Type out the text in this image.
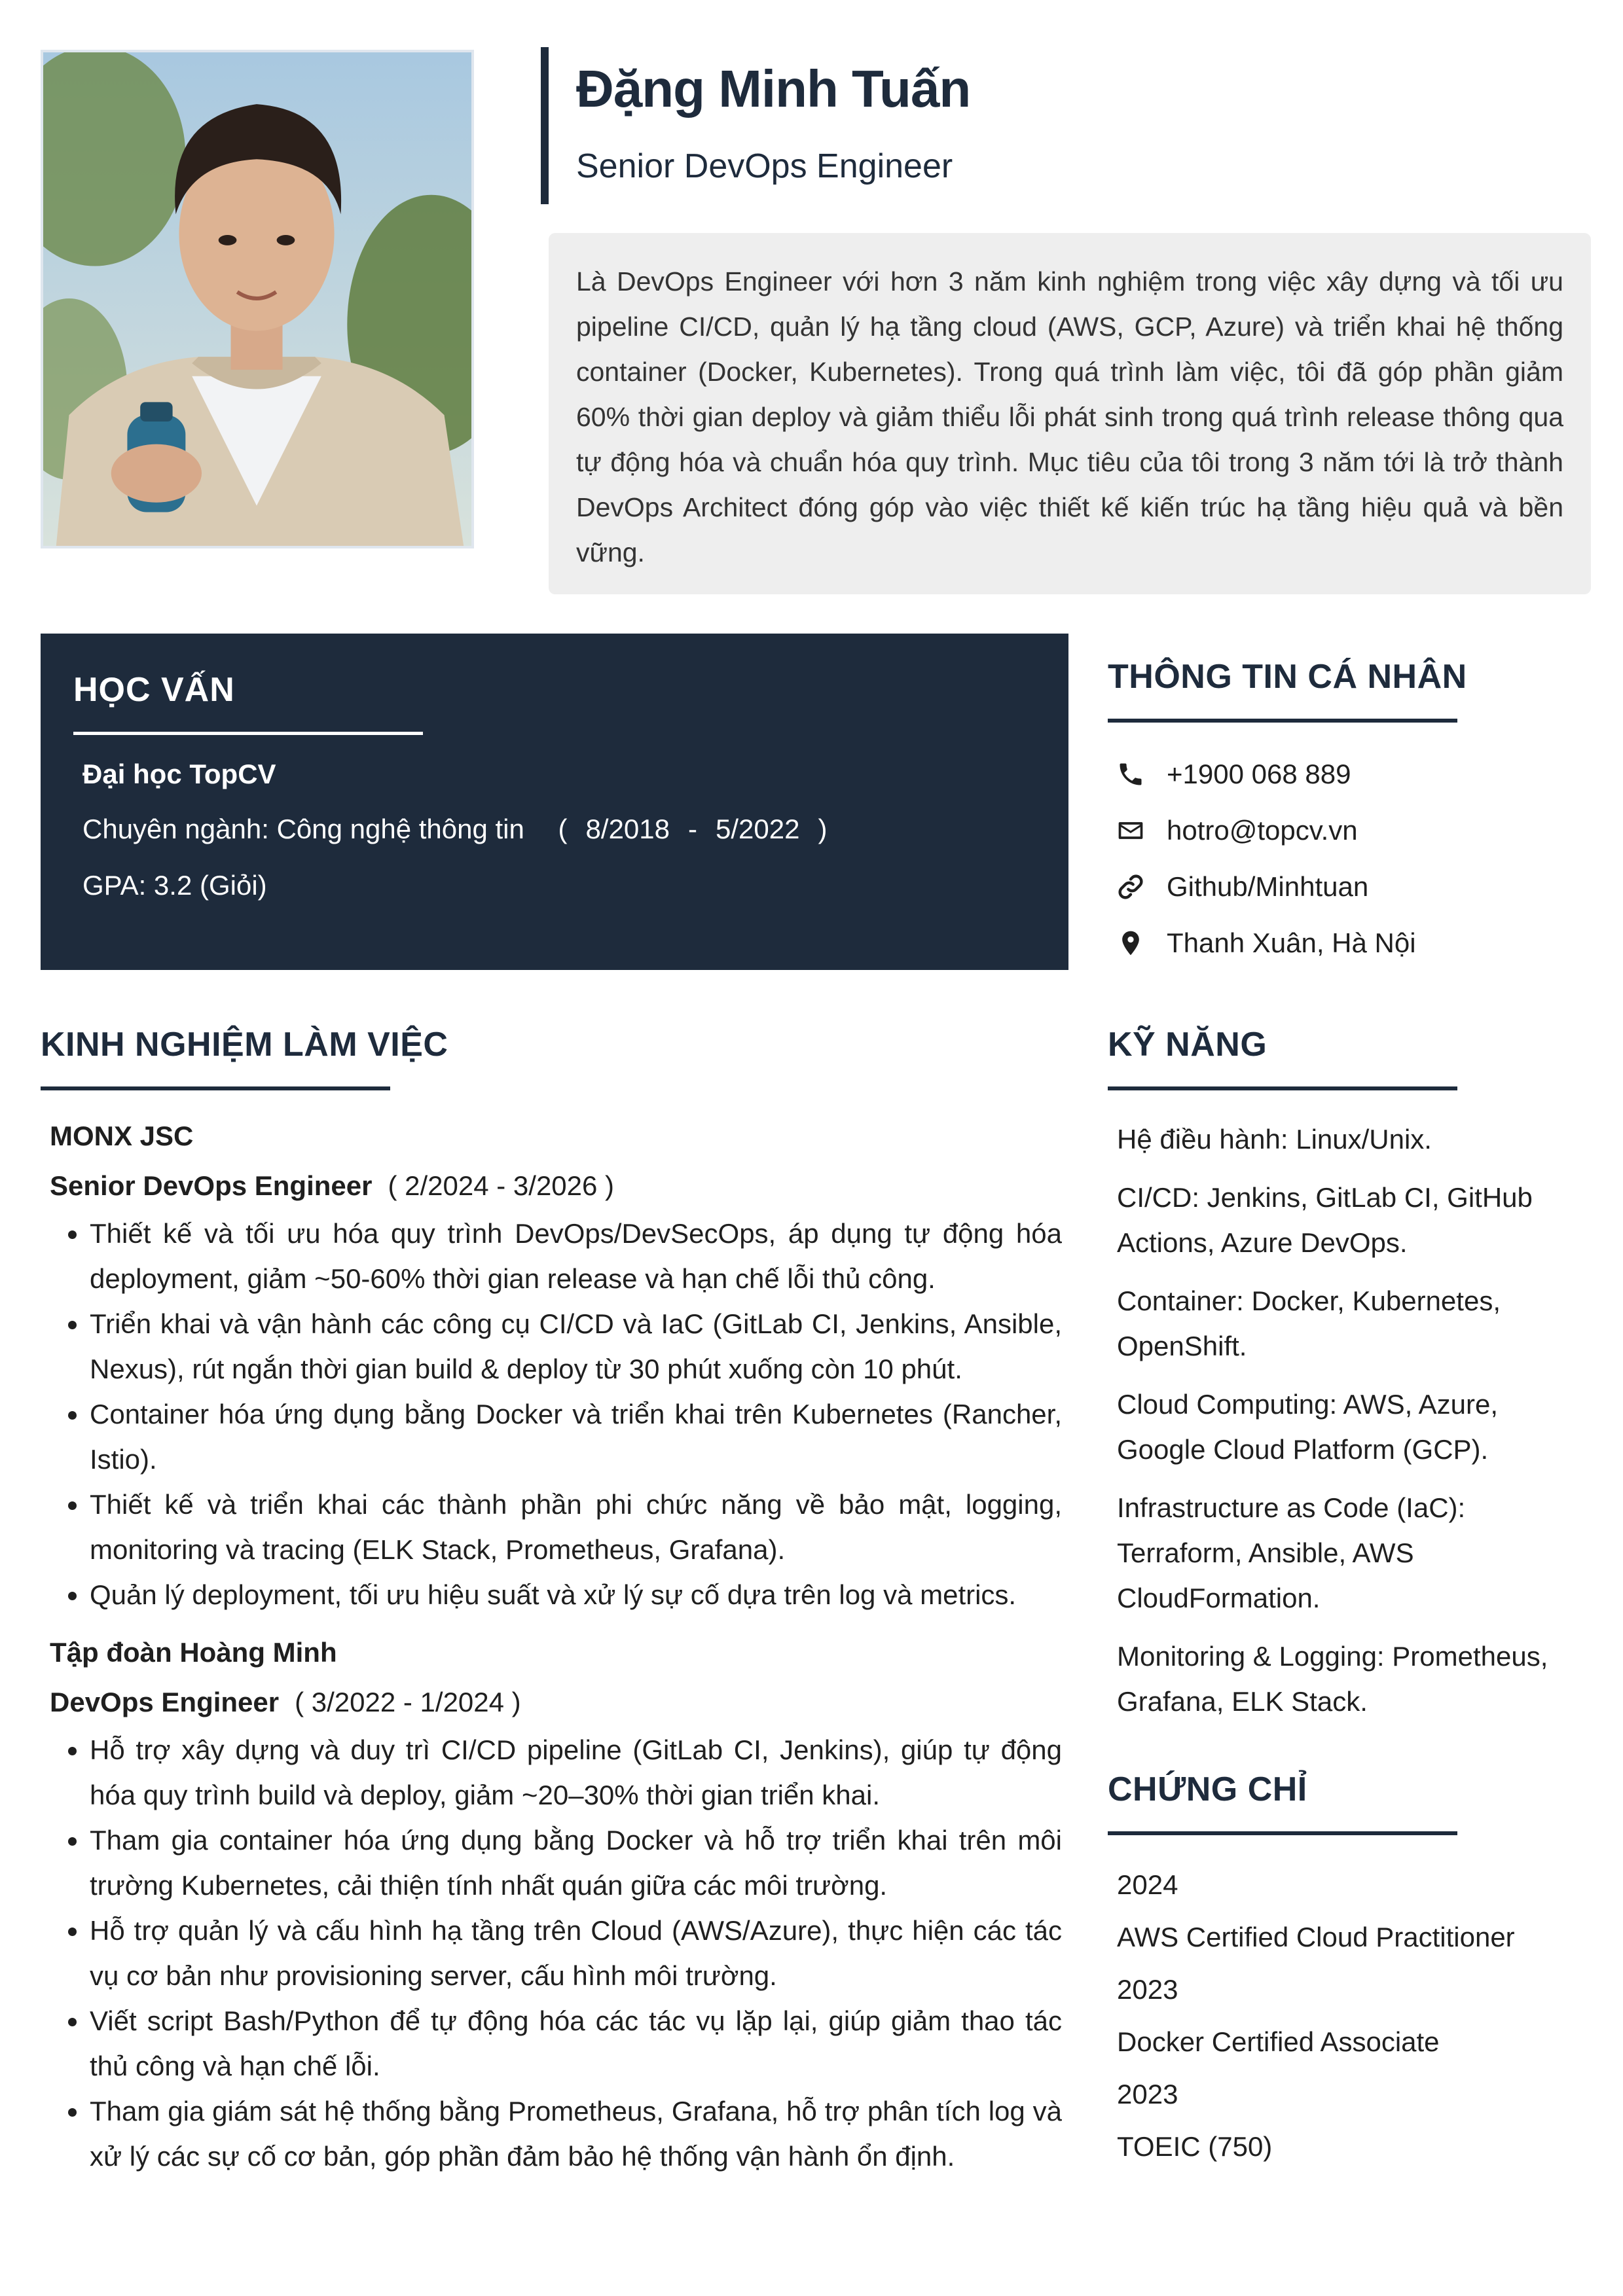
Đặng Minh Tuấn
Senior DevOps Engineer

Là DevOps Engineer với hơn 3 năm kinh nghiệm trong việc xây dựng và tối ưu pipeline CI/CD, quản lý hạ tầng cloud (AWS, GCP, Azure) và triển khai hệ thống container (Docker, Kubernetes). Trong quá trình làm việc, tôi đã góp phần giảm 60% thời gian deploy và giảm thiểu lỗi phát sinh trong quá trình release thông qua tự động hóa và chuẩn hóa quy trình. Mục tiêu của tôi trong 3 năm tới là trở thành DevOps Architect đóng góp vào việc thiết kế kiến trúc hạ tầng hiệu quả và bền vững.

HỌC VẤN
Đại học TopCV
Chuyên ngành: Công nghệ thông tin ( 8/2018 - 5/2022 )
GPA: 3.2 (Giỏi)
THÔNG TIN CÁ NHÂN
+1900 068 889
hotro@topcv.vn
Github/Minhtuan
Thanh Xuân, Hà Nội
KINH NGHIỆM LÀM VIỆC
MONX JSC
Senior DevOps Engineer ( 2/2024 - 3/2026 )
Thiết kế và tối ưu hóa quy trình DevOps/DevSecOps, áp dụng tự động hóa deployment, giảm ~50-60% thời gian release và hạn chế lỗi thủ công.
Triển khai và vận hành các công cụ CI/CD và IaC (GitLab CI, Jenkins, Ansible, Nexus), rút ngắn thời gian build & deploy từ 30 phút xuống còn 10 phút.
Container hóa ứng dụng bằng Docker và triển khai trên Kubernetes (Rancher, Istio).
Thiết kế và triển khai các thành phần phi chức năng về bảo mật, logging, monitoring và tracing (ELK Stack, Prometheus, Grafana).
Quản lý deployment, tối ưu hiệu suất và xử lý sự cố dựa trên log và metrics.
Tập đoàn Hoàng Minh
DevOps Engineer ( 3/2022 - 1/2024 )
Hỗ trợ xây dựng và duy trì CI/CD pipeline (GitLab CI, Jenkins), giúp tự động hóa quy trình build và deploy, giảm ~20–30% thời gian triển khai.
Tham gia container hóa ứng dụng bằng Docker và hỗ trợ triển khai trên môi trường Kubernetes, cải thiện tính nhất quán giữa các môi trường.
Hỗ trợ quản lý và cấu hình hạ tầng trên Cloud (AWS/Azure), thực hiện các tác vụ cơ bản như provisioning server, cấu hình môi trường.
Viết script Bash/Python để tự động hóa các tác vụ lặp lại, giúp giảm thao tác thủ công và hạn chế lỗi.
Tham gia giám sát hệ thống bằng Prometheus, Grafana, hỗ trợ phân tích log và xử lý các sự cố cơ bản, góp phần đảm bảo hệ thống vận hành ổn định.
KỸ NĂNG
Hệ điều hành: Linux/Unix.
CI/CD: Jenkins, GitLab CI, GitHub Actions, Azure DevOps.
Container: Docker, Kubernetes, OpenShift.
Cloud Computing: AWS, Azure, Google Cloud Platform (GCP).
Infrastructure as Code (IaC): Terraform, Ansible, AWS CloudFormation.
Monitoring & Logging: Prometheus, Grafana, ELK Stack.
CHỨNG CHỈ
2024
AWS Certified Cloud Practitioner
2023
Docker Certified Associate
2023
TOEIC (750)
